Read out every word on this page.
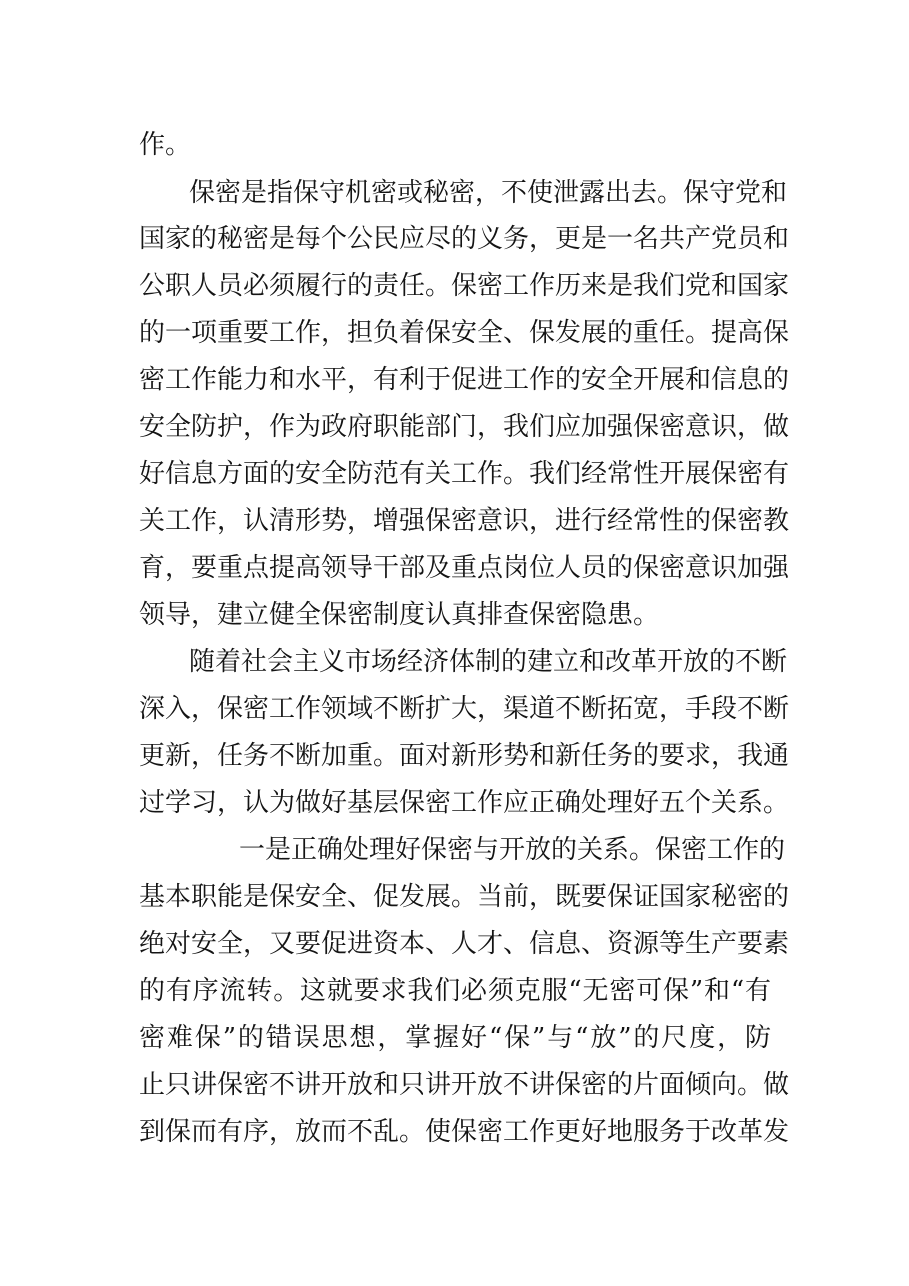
作。
保密是指保守机密或秘密，不使泄露出去。保守党和
国家的秘密是每个公民应尽的义务，更是一名共产党员和
公职人员必须履行的责任。保密工作历来是我们党和国家
的一项重要工作，担负着保安全、保发展的重任。提高保
密工作能力和水平，有利于促进工作的安全开展和信息的
安全防护，作为政府职能部门，我们应加强保密意识，做
好信息方面的安全防范有关工作。我们经常性开展保密有
关工作，认清形势，增强保密意识，进行经常性的保密教
育，要重点提高领导干部及重点岗位人员的保密意识加强
领导，建立健全保密制度认真排查保密隐患。
随着社会主义市场经济体制的建立和改革开放的不断
深入，保密工作领域不断扩大，渠道不断拓宽，手段不断
更新，任务不断加重。面对新形势和新任务的要求，我通
过学习，认为做好基层保密工作应正确处理好五个关系。
一是正确处理好保密与开放的关系。保密工作的
基本职能是保安全、促发展。当前，既要保证国家秘密的
绝对安全，又要促进资本、人才、信息、资源等生产要素
的有序流转。这就要求我们必须克服“无密可保”和“有
密难保”的错误思想，掌握好“保”与“放”的尺度，防
止只讲保密不讲开放和只讲开放不讲保密的片面倾向。做
到保而有序，放而不乱。使保密工作更好地服务于改革发
